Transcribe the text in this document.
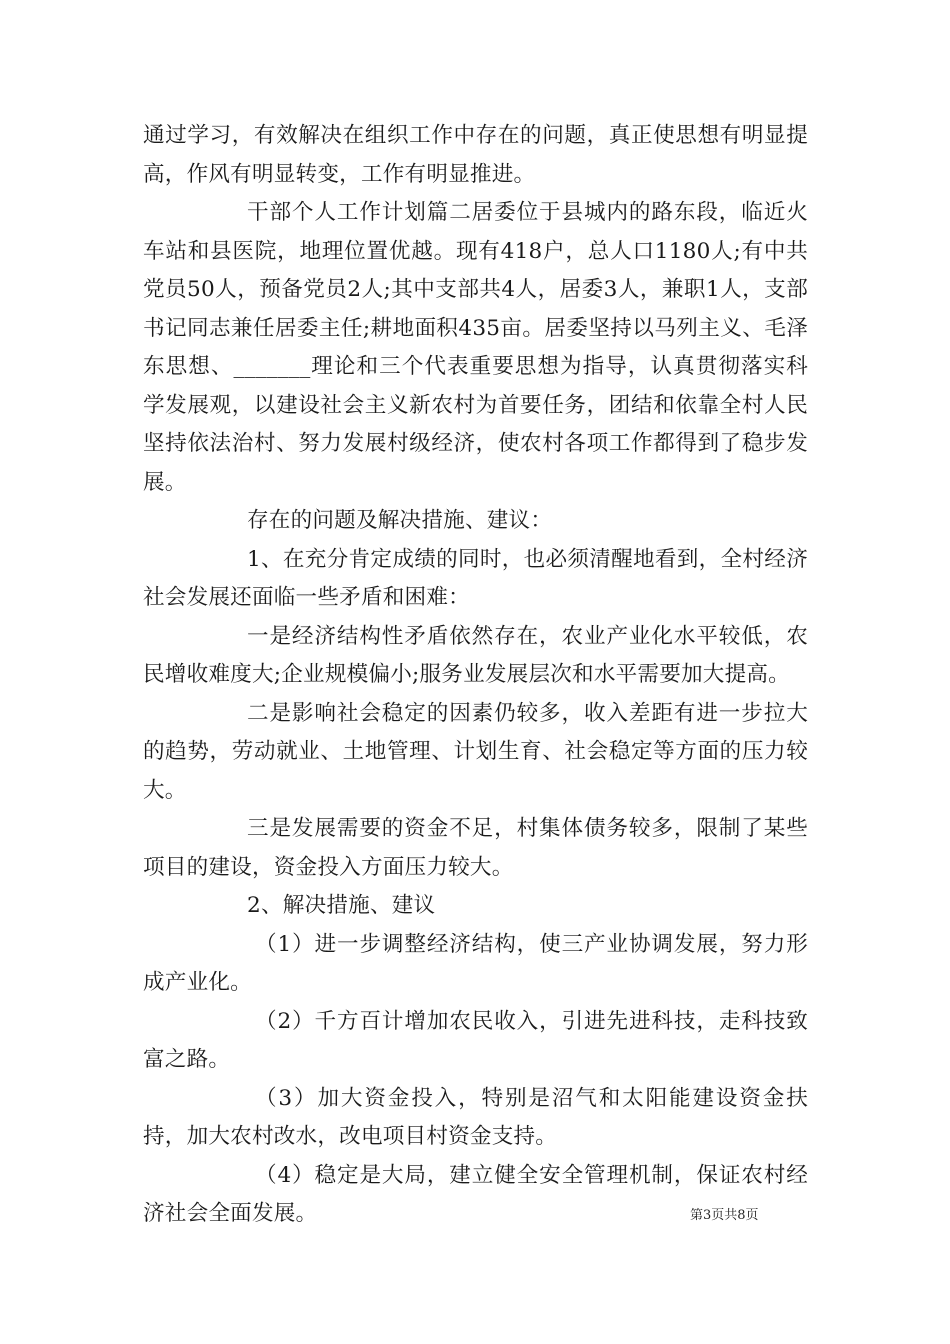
通过学习，有效解决在组织工作中存在的问题，真正使思想有明显提高，作风有明显转变，工作有明显推进。

干部个人工作计划篇二居委位于县城内的路东段，临近火车站和县医院，地理位置优越。现有418户，总人口1180人;有中共党员50人，预备党员2人;其中支部共4人，居委3人，兼职1人，支部书记同志兼任居委主任;耕地面积435亩。居委坚持以马列主义、毛泽东思想、_______理论和三个代表重要思想为指导，认真贯彻落实科学发展观，以建设社会主义新农村为首要任务，团结和依靠全村人民坚持依法治村、努力发展村级经济，使农村各项工作都得到了稳步发展。

存在的问题及解决措施、建议：

1、在充分肯定成绩的同时，也必须清醒地看到，全村经济社会发展还面临一些矛盾和困难：

一是经济结构性矛盾依然存在，农业产业化水平较低，农民增收难度大;企业规模偏小;服务业发展层次和水平需要加大提高。

二是影响社会稳定的因素仍较多，收入差距有进一步拉大的趋势，劳动就业、土地管理、计划生育、社会稳定等方面的压力较大。

三是发展需要的资金不足，村集体债务较多，限制了某些项目的建设，资金投入方面压力较大。

2、解决措施、建议

（1）进一步调整经济结构，使三产业协调发展，努力形成产业化。

（2）千方百计增加农民收入，引进先进科技，走科技致富之路。

（3）加大资金投入，特别是沼气和太阳能建设资金扶持，加大农村改水，改电项目村资金支持。

（4）稳定是大局，建立健全安全管理机制，保证农村经济社会全面发展。	第3页共8页
